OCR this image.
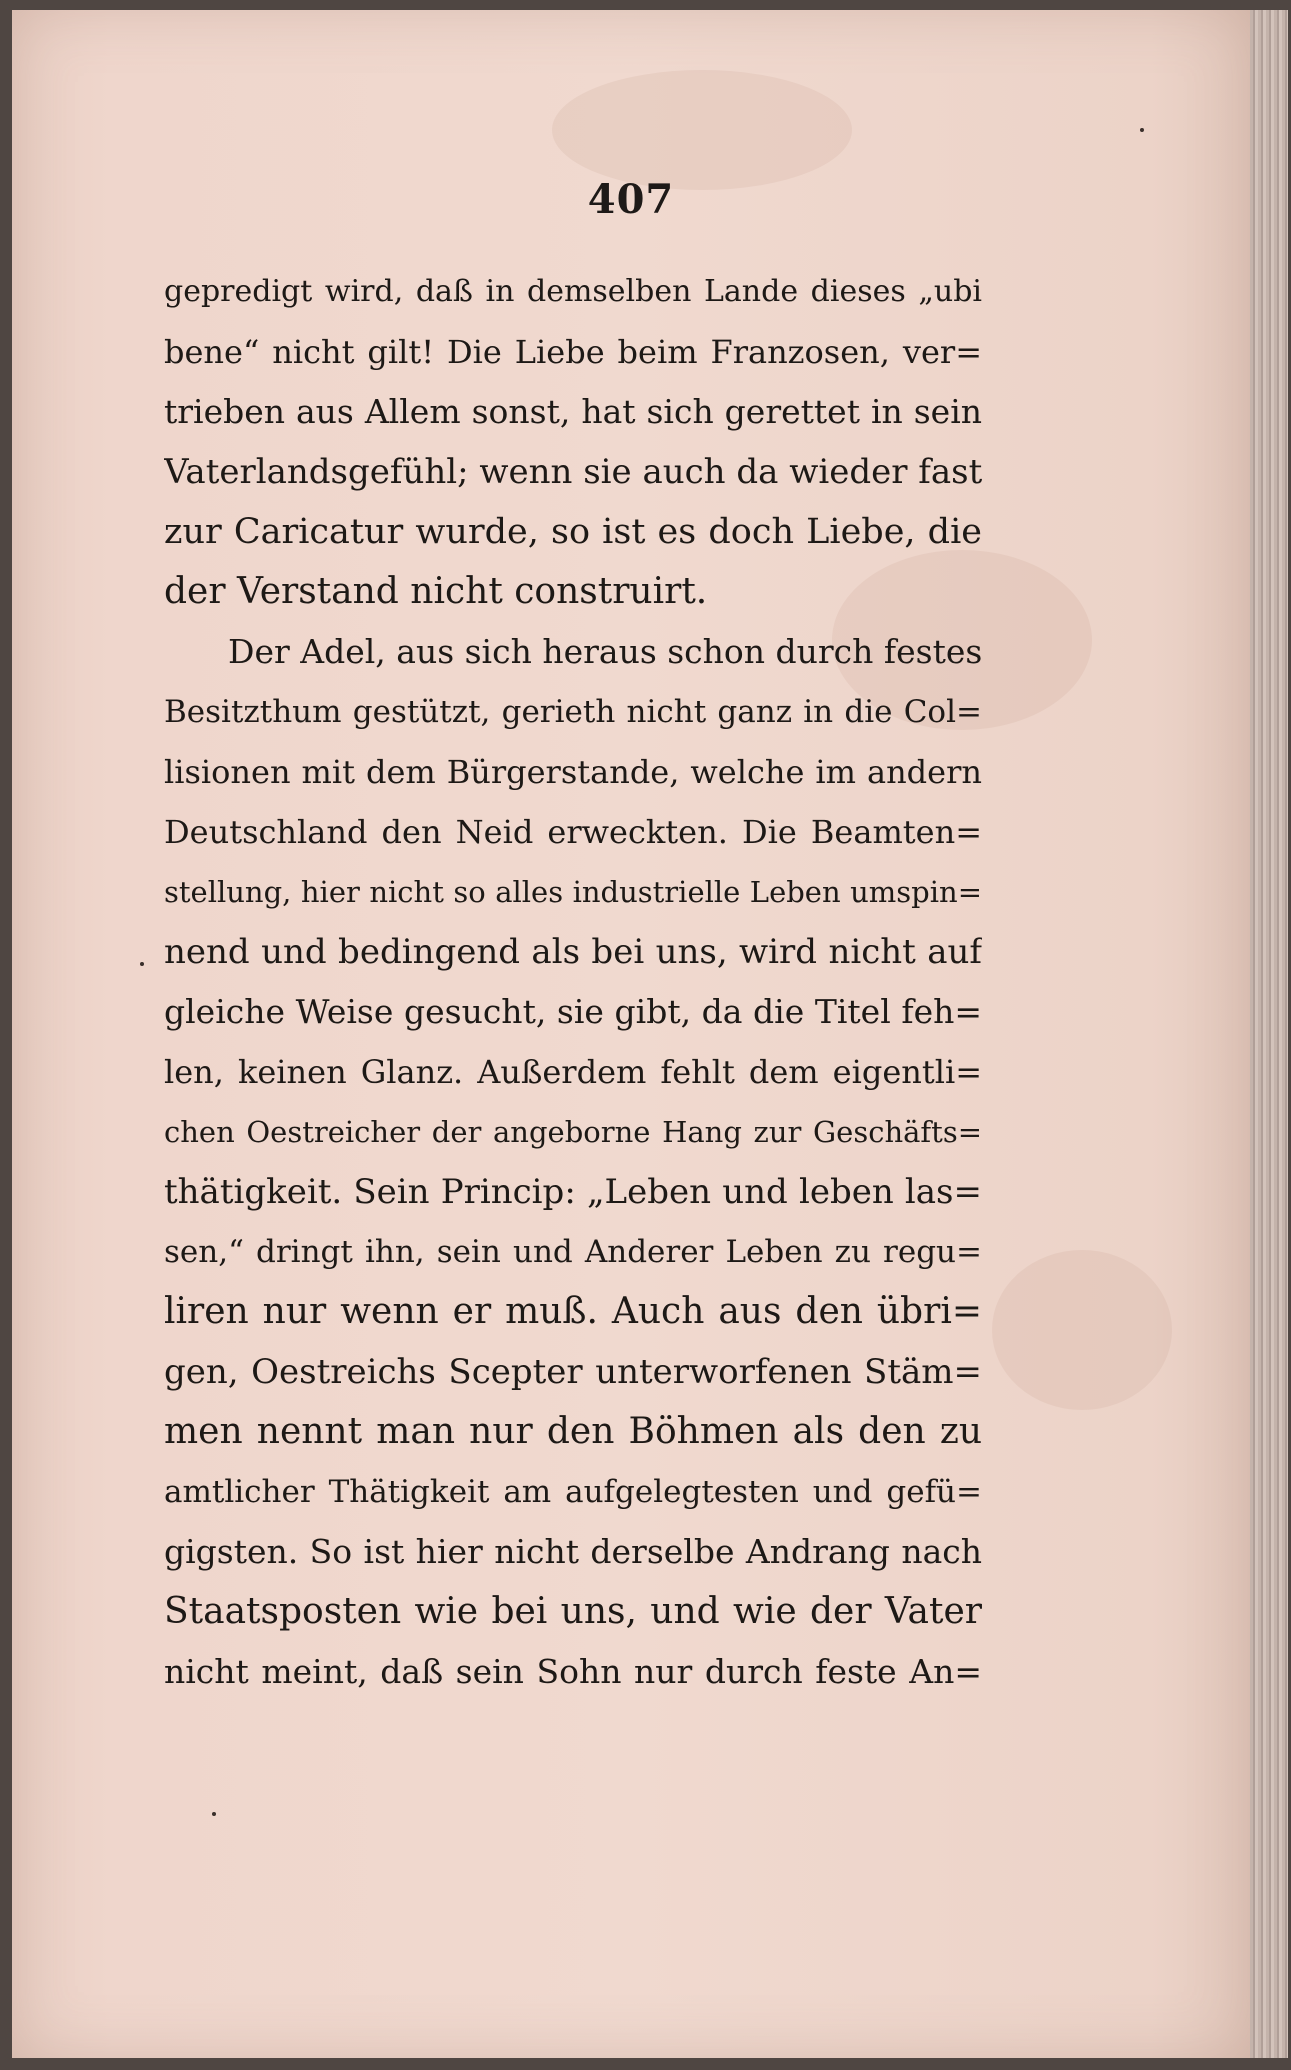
407
gepredigt wird, daß in demselben Lande dieses „ubi
bene“ nicht gilt! Die Liebe beim Franzosen, ver=
trieben aus Allem sonst, hat sich gerettet in sein
Vaterlandsgefühl; wenn sie auch da wieder fast
zur Caricatur wurde, so ist es doch Liebe, die
der Verstand nicht construirt.
Der Adel, aus sich heraus schon durch festes
Besitzthum gestützt, gerieth nicht ganz in die Col=
lisionen mit dem Bürgerstande, welche im andern
Deutschland den Neid erweckten. Die Beamten=
stellung, hier nicht so alles industrielle Leben umspin=
nend und bedingend als bei uns, wird nicht auf
gleiche Weise gesucht, sie gibt, da die Titel feh=
len, keinen Glanz. Außerdem fehlt dem eigentli=
chen Oestreicher der angeborne Hang zur Geschäfts=
thätigkeit. Sein Princip: „Leben und leben las=
sen,“ dringt ihn, sein und Anderer Leben zu regu=
liren nur wenn er muß. Auch aus den übri=
gen, Oestreichs Scepter unterworfenen Stäm=
men nennt man nur den Böhmen als den zu
amtlicher Thätigkeit am aufgelegtesten und gefü=
gigsten. So ist hier nicht derselbe Andrang nach
Staatsposten wie bei uns, und wie der Vater
nicht meint, daß sein Sohn nur durch feste An=
